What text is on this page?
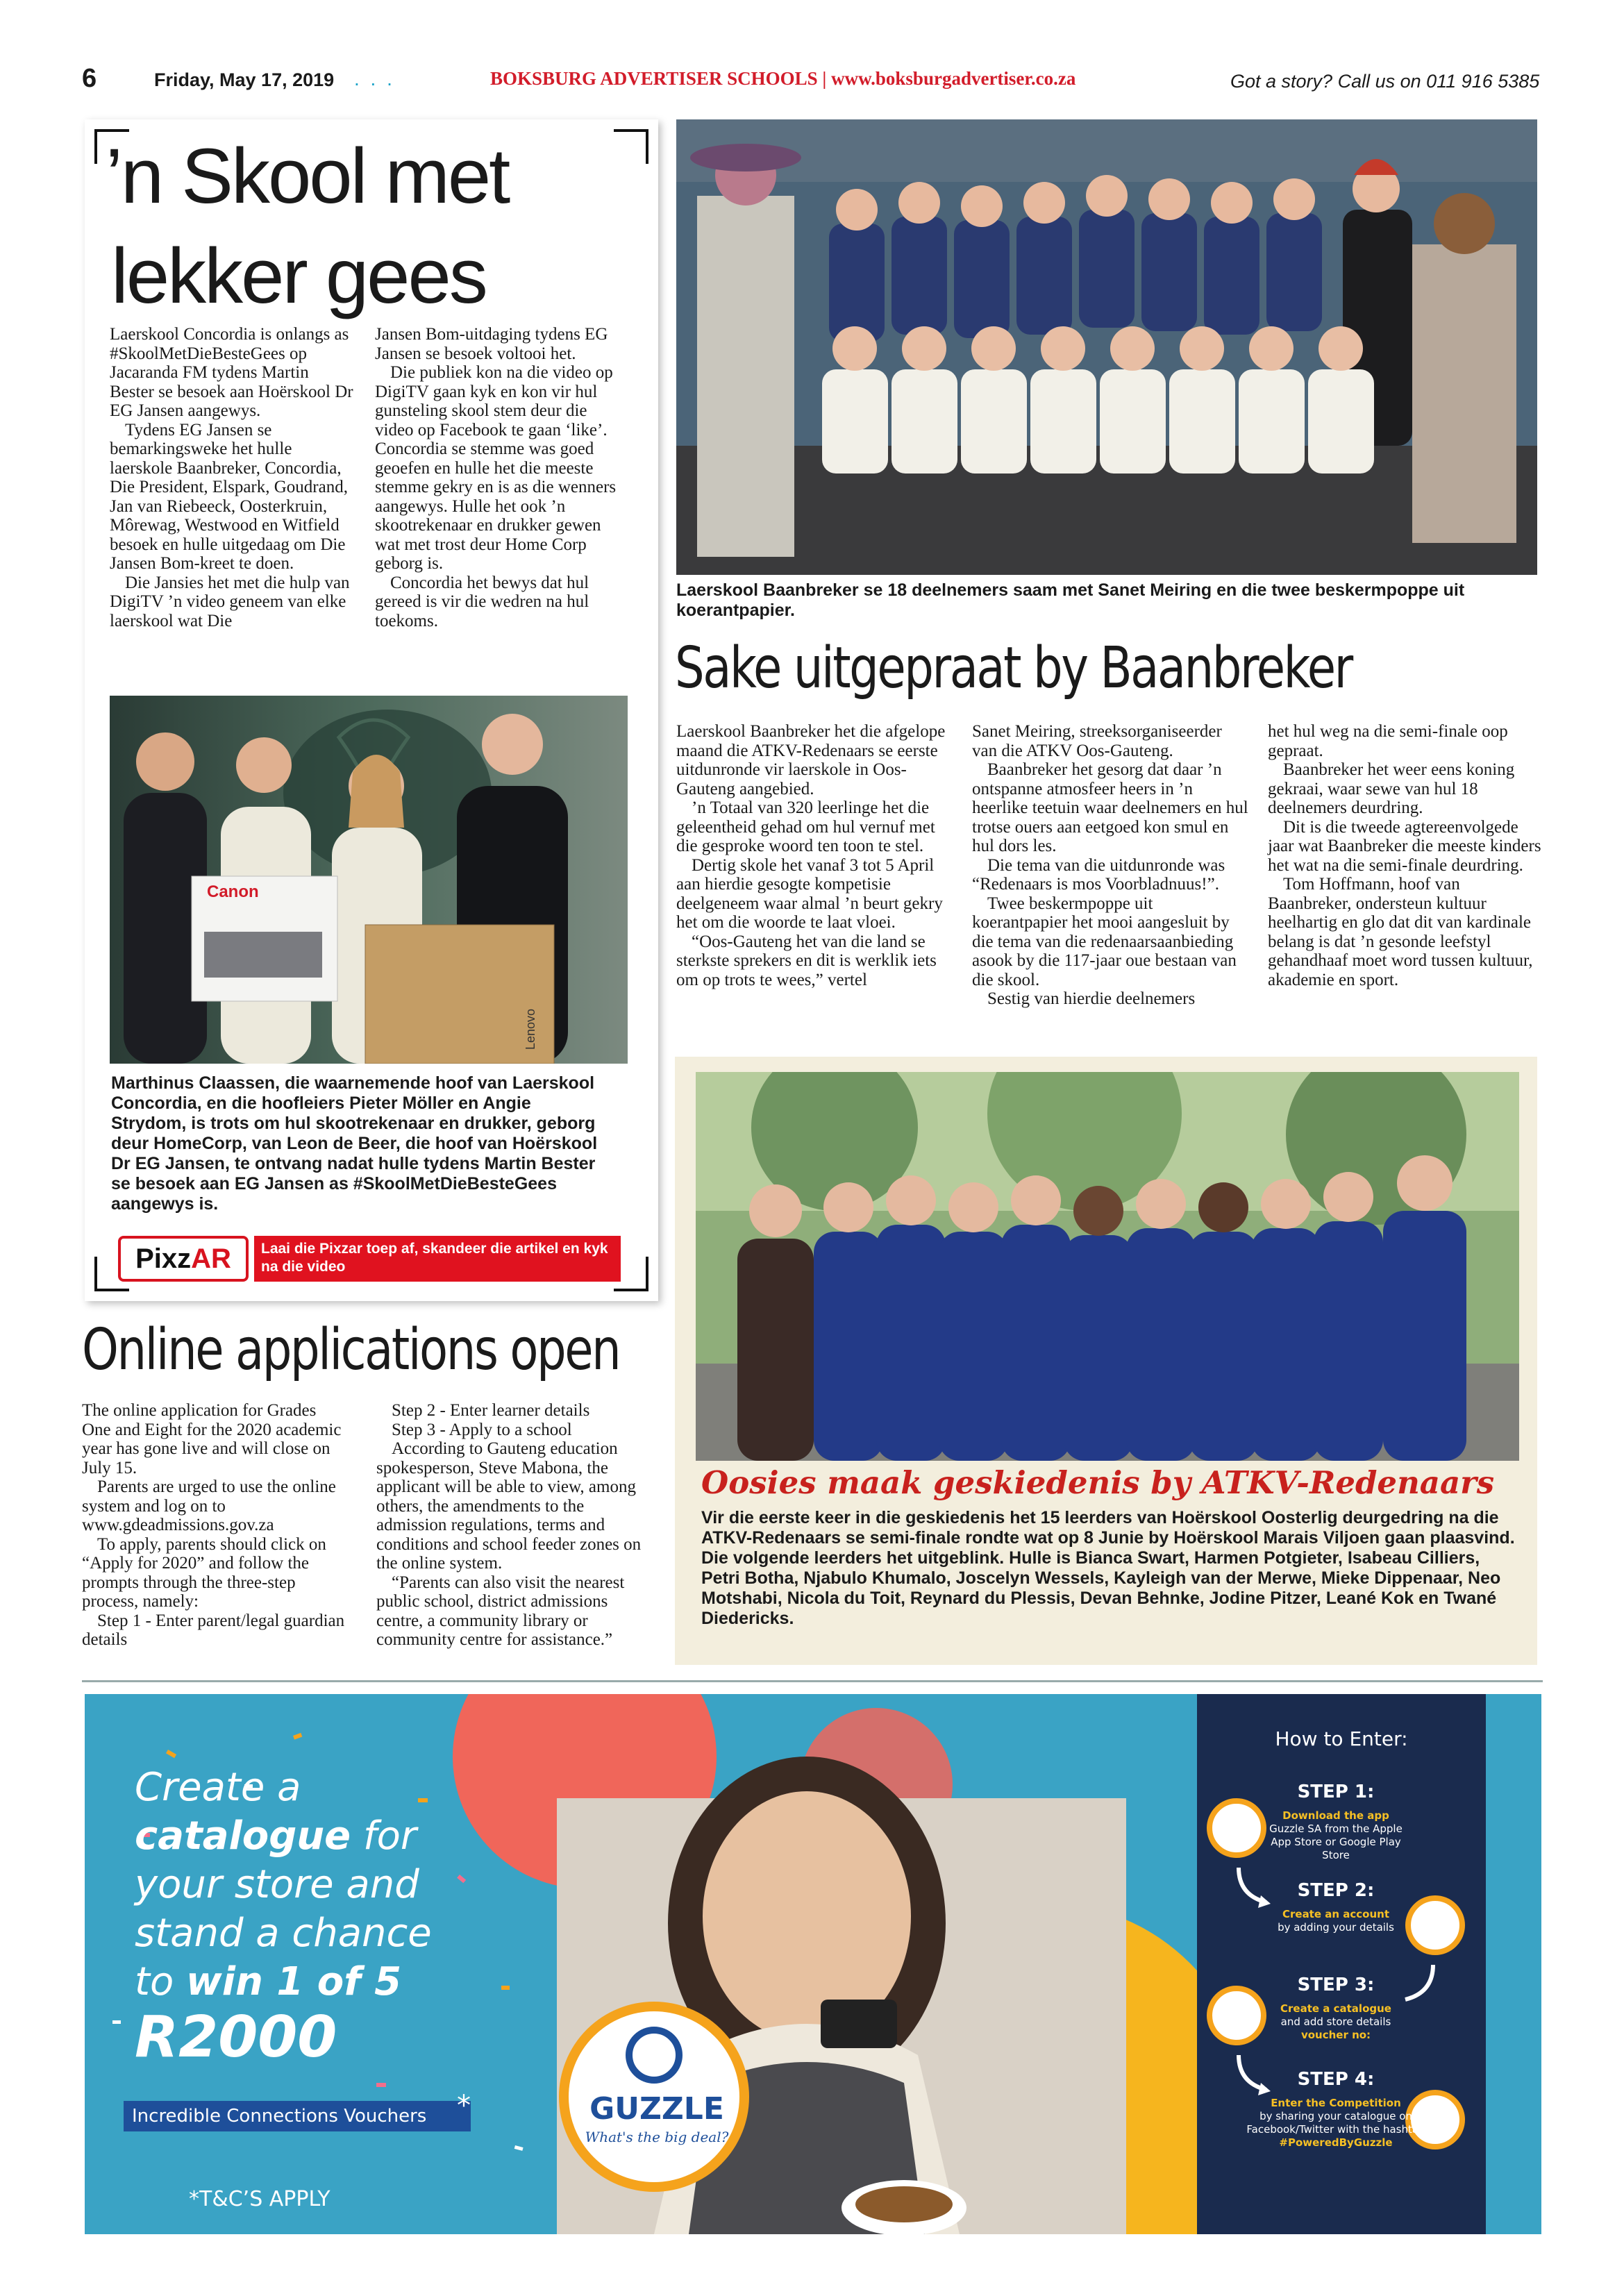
6	Friday, May 17, 2019 . . .	BOKSBURG ADVERTISER SCHOOLS | www.boksburgadvertiser.co.za	Got a story? Call us on 011 916 5385
’n Skool met
lekker gees

Laerskool Concordia is onlangs as #SkoolMetDieBesteGees op Jacaranda FM tydens Martin Bester se besoek aan Hoërskool Dr EG Jansen aangewys.

Tydens EG Jansen se bemarkingsweke het hulle laerskole Baanbreker, Concordia, Die President, Elspark, Goudrand, Jan van Riebeeck, Oosterkruin, Môrewag, Westwood en Witfield besoek en hulle uitgedaag om Die Jansen Bom-kreet te doen.

Die Jansies het met die hulp van DigiTV ’n video geneem van elke laerskool wat Die

Jansen Bom-uitdaging tydens EG Jansen se besoek voltooi het.

Die publiek kon na die video op DigiTV gaan kyk en kon vir hul gunsteling skool stem deur die video op Facebook te gaan ‘like’. Concordia se stemme was goed geoefen en hulle het die meeste stemme gekry en is as die wenners aangewys. Hulle het ook ’n skootrekenaar en drukker gewen wat met trost deur Home Corp geborg is.

Concordia het bewys dat hul gereed is vir die wedren na hul toekoms.

Canon
Lenovo
Marthinus Claassen, die waarnemende hoof van Laerskool Concordia, en die hoofleiers Pieter Möller en Angie Strydom, is trots om hul skootrekenaar en drukker, geborg deur HomeCorp, van Leon de Beer, die hoof van Hoërskool Dr EG Jansen, te ontvang nadat hulle tydens Martin Bester se besoek aan EG Jansen as #SkoolMetDieBesteGees aangewys is.
PixzAR	Laai die Pixzar toep af, skandeer die artikel en kyk na die video
Laerskool Baanbreker se 18 deelnemers saam met Sanet Meiring en die twee beskermpoppe uit koerantpapier.
Sake uitgepraat by Baanbreker

Laerskool Baanbreker het die afgelope maand die ATKV-Redenaars se eerste uitdunronde vir laerskole in Oos-Gauteng aangebied.

’n Totaal van 320 leerlinge het die geleentheid gehad om hul vernuf met die gesproke woord ten toon te stel.

Dertig skole het vanaf 3 tot 5 April aan hierdie gesogte kompetisie deelgeneem waar almal ’n beurt gekry het om die woorde te laat vloei.

“Oos-Gauteng het van die land se sterkste sprekers en dit is werklik iets om op trots te wees,” vertel

Sanet Meiring, streeksorganiseerder van die ATKV Oos-Gauteng.

Baanbreker het gesorg dat daar ’n ontspanne atmosfeer heers in ’n heerlike teetuin waar deelnemers en hul trotse ouers aan eetgoed kon smul en hul dors les.

Die tema van die uitdunronde was “Redenaars is mos Voorbladnuus!”.

Twee beskermpoppe uit koerantpapier het mooi aangesluit by die tema van die redenaarsaanbieding asook by die 117-jaar oue bestaan van die skool.

Sestig van hierdie deelnemers

het hul weg na die semi-finale oop gepraat.

Baanbreker het weer eens koning gekraai, waar sewe van hul 18 deelnemers deurdring.

Dit is die tweede agtereenvolgede jaar wat Baanbreker die meeste kinders het wat na die semi-finale deurdring.

Tom Hoffmann, hoof van Baanbreker, ondersteun kultuur heelhartig en glo dat dit van kardinale belang is dat ’n gesonde leefstyl gehandhaaf moet word tussen kultuur, akademie en sport.

Online applications open

The online application for Grades One and Eight for the 2020 academic year has gone live and will close on July 15.

Parents are urged to use the online system and log on to www.gdeadmissions.gov.za

To apply, parents should click on “Apply for 2020” and follow the prompts through the three-step process, namely:

Step 1 - Enter parent/legal guardian details

Step 2 - Enter learner details

Step 3 - Apply to a school

According to Gauteng education spokesperson, Steve Mabona, the applicant will be able to view, among others, the amendments to the admission regulations, terms and conditions and school feeder zones on the online system.

“Parents can also visit the nearest public school, district admissions centre, a community library or community centre for assistance.”

Oosies maak geskiedenis by ATKV-Redenaars
Vir die eerste keer in die geskiedenis het 15 leerders van Hoërskool Oosterlig deurgedring na die ATKV-Redenaars se semi-finale rondte wat op 8 Junie by Hoërskool Marais Viljoen gaan plaasvind. Die volgende leerders het uitgeblink. Hulle is Bianca Swart, Harmen Potgieter, Isabeau Cilliers, Petri Botha, Njabulo Khumalo, Joscelyn Wessels, Kayleigh van der Merwe, Mieke Dippenaar, Neo Motshabi, Nicola du Toit, Reynard du Plessis, Devan Behnke, Jodine Pitzer, Leané Kok en Twané Diedericks.
Create a
catalogue for
your store and
stand a chance
to win 1 of 5
R2000
Incredible Connections Vouchers	*
*T&C’S APPLY
GUZZLE
What's the big deal?
How to Enter:
STEP 1:
Download the app
Guzzle SA from the Apple App Store or Google Play Store
STEP 2:
Create an account
by adding your details
STEP 3:
Create a catalogue
and add store details
voucher no:
STEP 4:
Enter the Competition
by sharing your catalogue on Facebook/Twitter with the hashtag #PoweredByGuzzle
